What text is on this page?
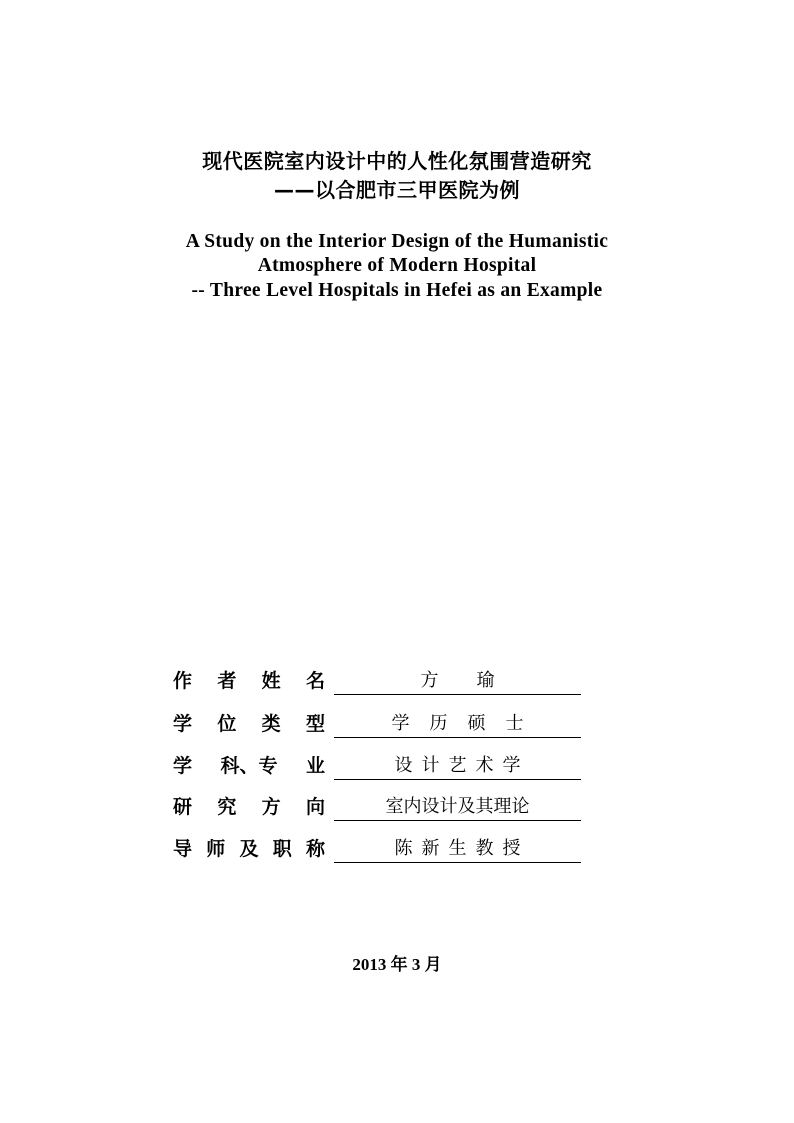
现代医院室内设计中的人性化氛围营造研究
——以合肥市三甲医院为例
A Study on the Interior Design of the Humanistic
Atmosphere of Modern Hospital
-- Three Level Hospitals in Hefei as an Example
作 者 姓 名	方瑜
学 位 类 型	学历硕士
学 科、专 业	设计艺术学
研 究 方 向	室内设计及其理论
导 师 及 职 称	陈新生教授
2013 年 3 月
